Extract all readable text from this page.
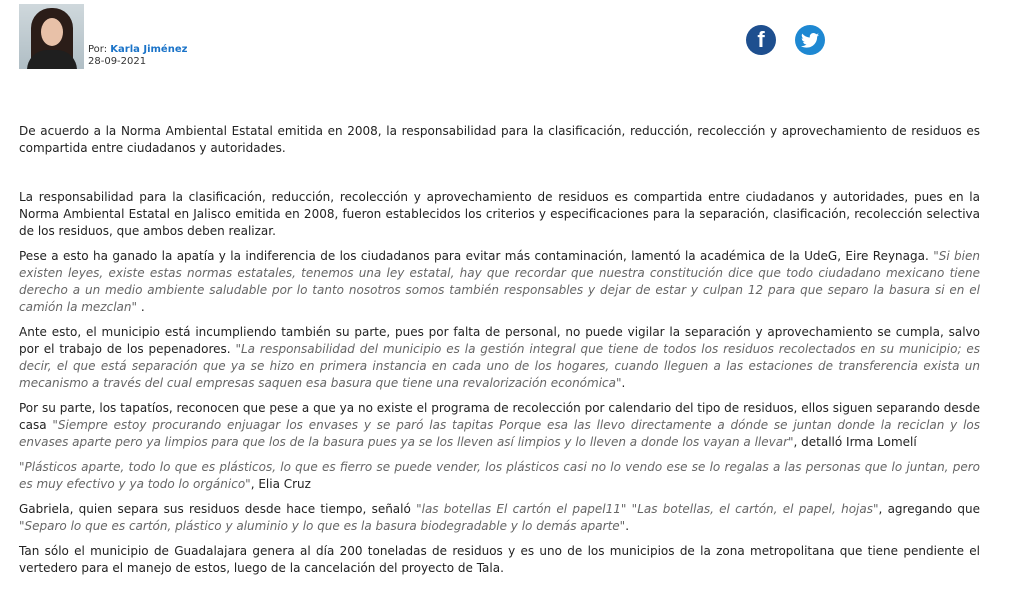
Por: Karla Jiménez
28-09-2021
f

De acuerdo a la Norma Ambiental Estatal emitida en 2008, la responsabilidad para la clasificación, reducción, recolección y aprovechamiento de residuos es compartida entre ciudadanos y autoridades.

La responsabilidad para la clasificación, reducción, recolección y aprovechamiento de residuos es compartida entre ciudadanos y autoridades, pues en la Norma Ambiental Estatal en Jalisco emitida en 2008, fueron establecidos los criterios y especificaciones para la separación, clasificación, recolección selectiva de los residuos, que ambos deben realizar.

Pese a esto ha ganado la apatía y la indiferencia de los ciudadanos para evitar más contaminación, lamentó la académica de la UdeG, Eire Reynaga. "Si bien existen leyes, existe estas normas estatales, tenemos una ley estatal, hay que recordar que nuestra constitución dice que todo ciudadano mexicano tiene derecho a un medio ambiente saludable por lo tanto nosotros somos también responsables y dejar de estar y culpan 12 para que separo la basura si en el camión la mezclan" .

Ante esto, el municipio está incumpliendo también su parte, pues por falta de personal, no puede vigilar la separación y aprovechamiento se cumpla, salvo por el trabajo de los pepenadores. "La responsabilidad del municipio es la gestión integral que tiene de todos los residuos recolectados en su municipio; es decir, el que está separación que ya se hizo en primera instancia en cada uno de los hogares, cuando lleguen a las estaciones de transferencia exista un mecanismo a través del cual empresas saquen esa basura que tiene una revalorización económica".

Por su parte, los tapatíos, reconocen que pese a que ya no existe el programa de recolección por calendario del tipo de residuos, ellos siguen separando desde casa "Siempre estoy procurando enjuagar los envases y se paró las tapitas Porque esa las llevo directamente a dónde se juntan donde la reciclan y los envases aparte pero ya limpios para que los de la basura pues ya se los lleven así limpios y lo lleven a donde los vayan a llevar", detalló Irma Lomelí

"Plásticos aparte, todo lo que es plásticos, lo que es fierro se puede vender, los plásticos casi no lo vendo ese se lo regalas a las personas que lo juntan, pero es muy efectivo y ya todo lo orgánico", Elia Cruz

Gabriela, quien separa sus residuos desde hace tiempo, señaló "las botellas El cartón el papel11" "Las botellas, el cartón, el papel, hojas", agregando que "Separo lo que es cartón, plástico y aluminio y lo que es la basura biodegradable y lo demás aparte".

Tan sólo el municipio de Guadalajara genera al día 200 toneladas de residuos y es uno de los municipios de la zona metropolitana que tiene pendiente el vertedero para el manejo de estos, luego de la cancelación del proyecto de Tala.
